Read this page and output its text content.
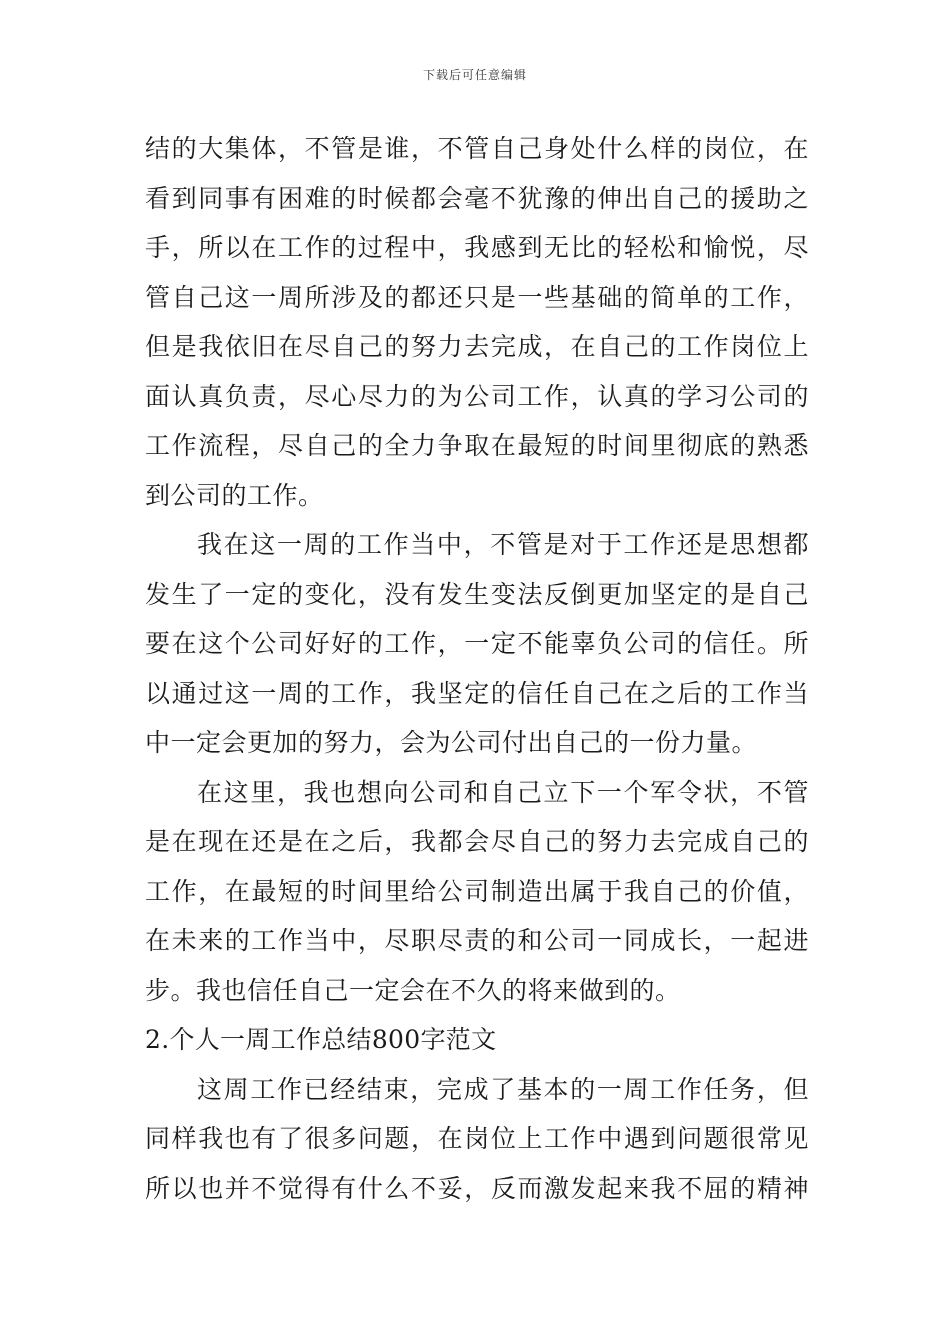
下载后可任意编辑
结的大集体，不管是谁，不管自己身处什么样的岗位，在
看到同事有困难的时候都会毫不犹豫的伸出自己的援助之
手，所以在工作的过程中，我感到无比的轻松和愉悦，尽
管自己这一周所涉及的都还只是一些基础的简单的工作，
但是我依旧在尽自己的努力去完成，在自己的工作岗位上
面认真负责，尽心尽力的为公司工作，认真的学习公司的
工作流程，尽自己的全力争取在最短的时间里彻底的熟悉
到公司的工作。
我在这一周的工作当中，不管是对于工作还是思想都
发生了一定的变化，没有发生变法反倒更加坚定的是自己
要在这个公司好好的工作，一定不能辜负公司的信任。所
以通过这一周的工作，我坚定的信任自己在之后的工作当
中一定会更加的努力，会为公司付出自己的一份力量。
在这里，我也想向公司和自己立下一个军令状，不管
是在现在还是在之后，我都会尽自己的努力去完成自己的
工作，在最短的时间里给公司制造出属于我自己的价值，
在未来的工作当中，尽职尽责的和公司一同成长，一起进
步。我也信任自己一定会在不久的将来做到的。
2.个人一周工作总结800字范文
这周工作已经结束，完成了基本的一周工作任务，但
同样我也有了很多问题，在岗位上工作中遇到问题很常见
所以也并不觉得有什么不妥，反而激发起来我不屈的精神
